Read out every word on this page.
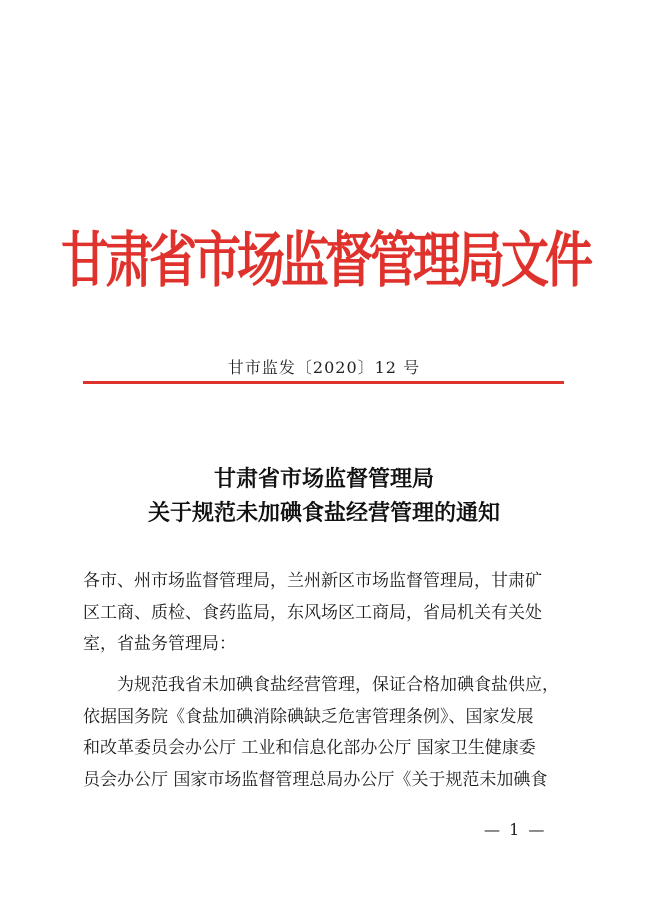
甘肃省市场监督管理局文件
甘市监发〔2020〕12 号
甘肃省市场监督管理局
关于规范未加碘食盐经营管理的通知
各市、州市场监督管理局，兰州新区市场监督管理局，甘肃矿
区工商、质检、食药监局，东风场区工商局，省局机关有关处
室，省盐务管理局：
为规范我省未加碘食盐经营管理，保证合格加碘食盐供应，
依据国务院《食盐加碘消除碘缺乏危害管理条例》、国家发展
和改革委员会办公厅 工业和信息化部办公厅 国家卫生健康委
员会办公厅 国家市场监督管理总局办公厅《关于规范未加碘食
— 1 —
